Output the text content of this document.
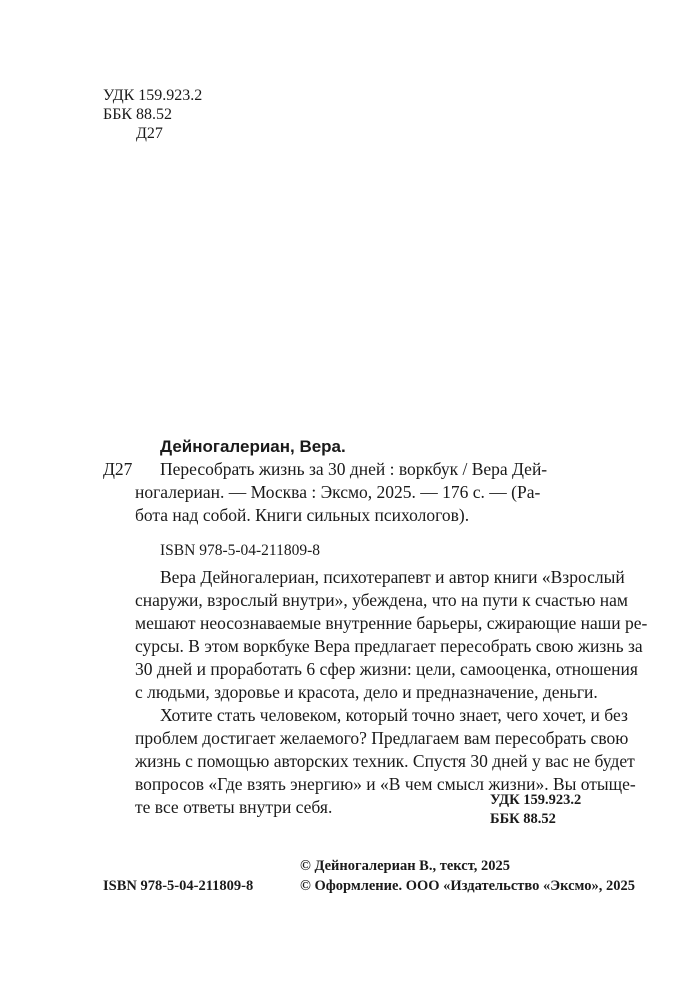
УДК 159.923.2
ББК 88.52
Д27
Дейногалериан, Вера.
Д27 Пересобрать жизнь за 30 дней : воркбук / Вера Дей-
ногалериан. — Москва : Эксмо, 2025. — 176 с. — (Ра-
бота над собой. Книги сильных психологов).
ISBN 978-5-04-211809-8
Вера Дейногалериан, психотерапевт и автор книги «Взрослый
снаружи, взрослый внутри», убеждена, что на пути к счастью нам
мешают неосознаваемые внутренние барьеры, сжирающие наши ре-
сурсы. В этом воркбуке Вера предлагает пересобрать свою жизнь за
30 дней и проработать 6 сфер жизни: цели, самооценка, отношения
с людьми, здоровье и красота, дело и предназначение, деньги.
Хотите стать человеком, который точно знает, чего хочет, и без
проблем достигает желаемого? Предлагаем вам пересобрать свою
жизнь с помощью авторских техник. Спустя 30 дней у вас не будет
вопросов «Где взять энергию» и «В чем смысл жизни». Вы отыще-
те все ответы внутри себя.	УДК 159.923.2
ББК 88.52
© Дейногалериан В., текст, 2025
ISBN 978-5-04-211809-8	© Оформление. ООО «Издательство «Эксмо», 2025
